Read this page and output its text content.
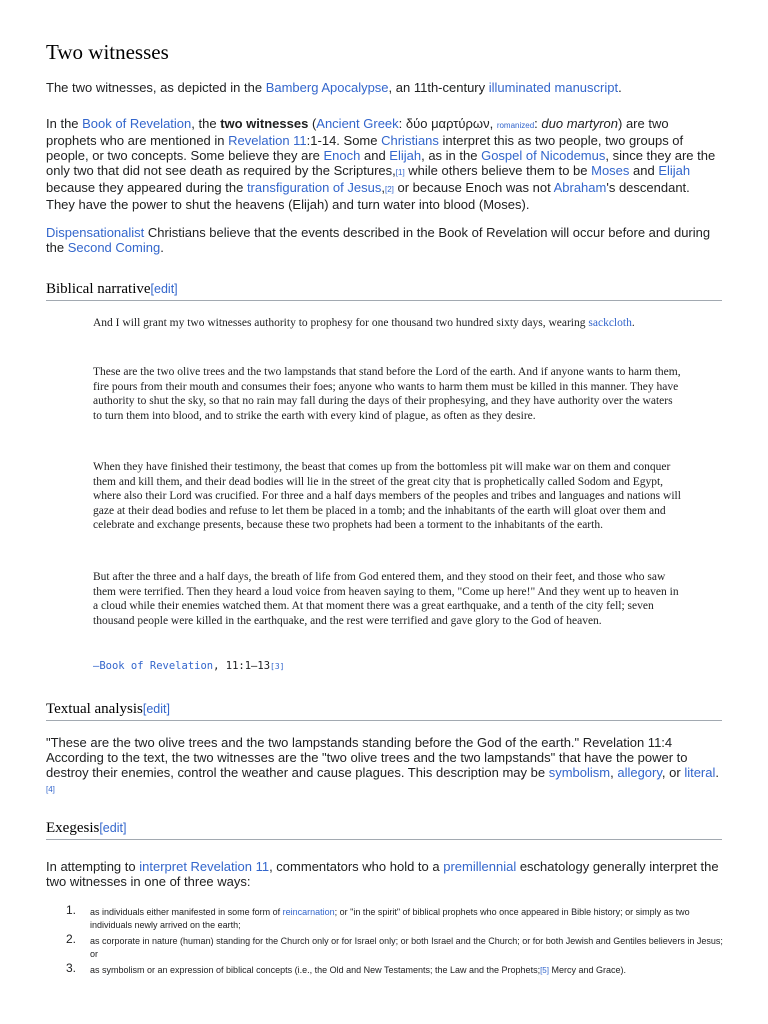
Two witnesses

The two witnesses, as depicted in the Bamberg Apocalypse, an 11th-century illuminated manuscript.

In the Book of Revelation, the two witnesses (Ancient Greek: δύο μαρτύρων, romanized: duo martyron) are two prophets who are mentioned in Revelation 11:1-14. Some Christians interpret this as two people, two groups of people, or two concepts. Some believe they are Enoch and Elijah, as in the Gospel of Nicodemus, since they are the only two that did not see death as required by the Scriptures,[1] while others believe them to be Moses and Elijah because they appeared during the transfiguration of Jesus,[2] or because Enoch was not Abraham's descendant. They have the power to shut the heavens (Elijah) and turn water into blood (Moses).

Dispensationalist Christians believe that the events described in the Book of Revelation will occur before and during the Second Coming.

Biblical narrative[edit]

And I will grant my two witnesses authority to prophesy for one thousand two hundred sixty days, wearing sackcloth.

These are the two olive trees and the two lampstands that stand before the Lord of the earth. And if anyone wants to harm them, fire pours from their mouth and consumes their foes; anyone who wants to harm them must be killed in this manner. They have authority to shut the sky, so that no rain may fall during the days of their prophesying, and they have authority over the waters to turn them into blood, and to strike the earth with every kind of plague, as often as they desire.

When they have finished their testimony, the beast that comes up from the bottomless pit will make war on them and conquer them and kill them, and their dead bodies will lie in the street of the great city that is prophetically called Sodom and Egypt, where also their Lord was crucified. For three and a half days members of the peoples and tribes and languages and nations will gaze at their dead bodies and refuse to let them be placed in a tomb; and the inhabitants of the earth will gloat over them and celebrate and exchange presents, because these two prophets had been a torment to the inhabitants of the earth.

But after the three and a half days, the breath of life from God entered them, and they stood on their feet, and those who saw them were terrified. Then they heard a loud voice from heaven saying to them, "Come up here!" And they went up to heaven in a cloud while their enemies watched them. At that moment there was a great earthquake, and a tenth of the city fell; seven thousand people were killed in the earthquake, and the rest were terrified and gave glory to the God of heaven.

—Book of Revelation, 11:1–13[3]

Textual analysis[edit]

"These are the two olive trees and the two lampstands standing before the God of the earth." Revelation 11:4 According to the text, the two witnesses are the "two olive trees and the two lampstands" that have the power to destroy their enemies, control the weather and cause plagues. This description may be symbolism, allegory, or literal.[4]

Exegesis[edit]

In attempting to interpret Revelation 11, commentators who hold to a premillennial eschatology generally interpret the two witnesses in one of three ways:

1. as individuals either manifested in some form of reincarnation; or "in the spirit" of biblical prophets who once appeared in Bible history; or simply as two individuals newly arrived on the earth;
2. as corporate in nature (human) standing for the Church only or for Israel only; or both Israel and the Church; or for both Jewish and Gentiles believers in Jesus; or
3. as symbolism or an expression of biblical concepts (i.e., the Old and New Testaments; the Law and the Prophets;[5] Mercy and Grace).
